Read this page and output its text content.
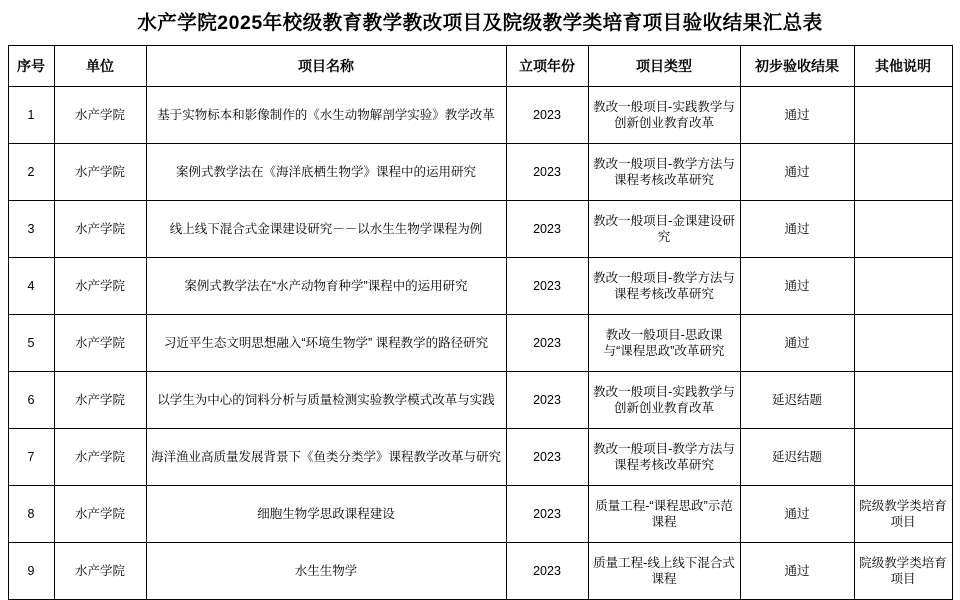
水产学院2025年校级教育教学教改项目及院级教学类培育项目验收结果汇总表
序号	单位	项目名称	立项年份	项目类型	初步验收结果	其他说明
1	水产学院	基于实物标本和影像制作的《水生动物解剖学实验》教学改革	2023	教改一般项目-实践教学与创新创业教育改革	通过	
2	水产学院	案例式教学法在《海洋底栖生物学》课程中的运用研究	2023	教改一般项目-教学方法与课程考核改革研究	通过	
3	水产学院	线上线下混合式金课建设研究－－以水生生物学课程为例	2023	教改一般项目-金课建设研究	通过	
4	水产学院	案例式教学法在“水产动物育种学”课程中的运用研究	2023	教改一般项目-教学方法与课程考核改革研究	通过	
5	水产学院	习近平生态文明思想融入“环境生物学” 课程教学的路径研究	2023	教改一般项目-思政课与“课程思政”改革研究	通过	
6	水产学院	以学生为中心的饲料分析与质量检测实验教学模式改革与实践	2023	教改一般项目-实践教学与创新创业教育改革	延迟结题	
7	水产学院	海洋渔业高质量发展背景下《鱼类分类学》课程教学改革与研究	2023	教改一般项目-教学方法与课程考核改革研究	延迟结题	
8	水产学院	细胞生物学思政课程建设	2023	质量工程-“课程思政”示范课程	通过	院级教学类培育项目
9	水产学院	水生生物学	2023	质量工程-线上线下混合式课程	通过	院级教学类培育项目
